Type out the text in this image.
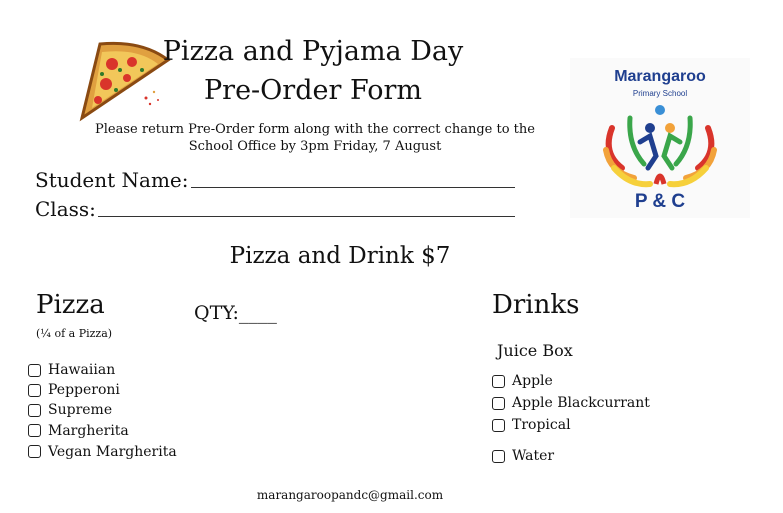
Pizza and Pyjama Day
Pre-Order Form
Please return Pre-Order form along with the correct change to the School Office by 3pm Friday, 7 August
Student Name:
Class:
Marangaroo
Primary School
P & C
Pizza and Drink $7
Pizza
(¼ of a Pizza)
QTY:____
Hawaiian
Pepperoni
Supreme
Margherita
Vegan Margherita
Drinks
Juice Box
Apple
Apple Blackcurrant
Tropical
Water
marangaroopandc@gmail.com
